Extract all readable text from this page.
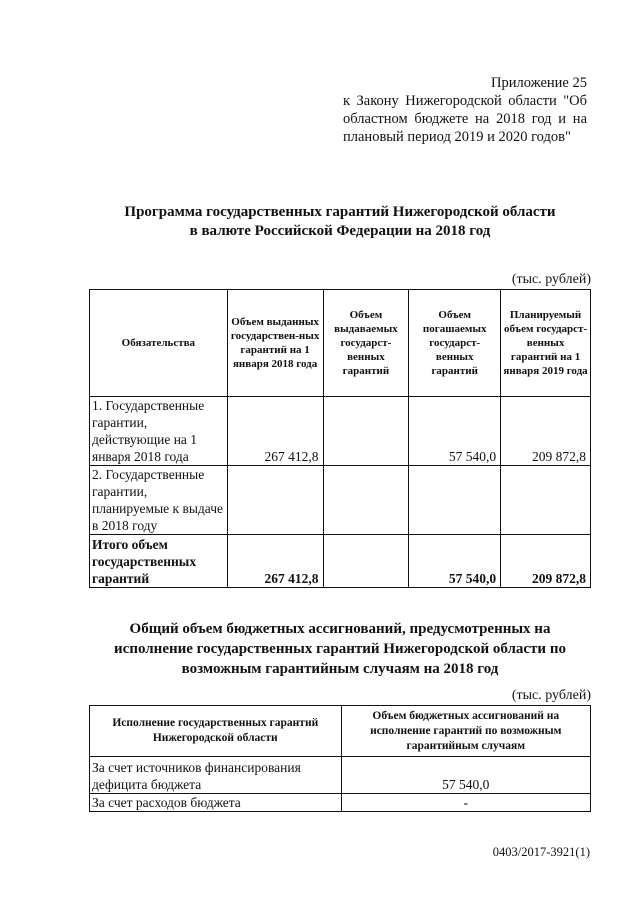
Приложение 25
к Закону Нижегородской области "Об областном бюджете на 2018 год и на плановый период 2019 и 2020 годов"
Программа государственных гарантий Нижегородской области
в валюте Российской Федерации на 2018 год
(тыс. рублей)
Обязательства	Объем выданных государствен-ных гарантий на 1 января 2018 года	Объем выдаваемых государст-венных гарантий	Объем погашаемых государст-венных гарантий	Планируемый объем государст-венных гарантий на 1 января 2019 года
1. Государственные гарантии, действующие на 1 января 2018 года	267 412,8		57 540,0	209 872,8
2. Государственные гарантии, планируемые к выдаче в 2018 году				
Итого объем государственных гарантий	267 412,8		57 540,0	209 872,8
Общий объем бюджетных ассигнований, предусмотренных на
исполнение государственных гарантий Нижегородской области по
возможным гарантийным случаям на 2018 год
(тыс. рублей)
Исполнение государственных гарантий Нижегородской области	Объем бюджетных ассигнований на исполнение гарантий по возможным гарантийным случаям
За счет источников финансирования дефицита бюджета	57 540,0
За счет расходов бюджета	-
0403/2017-3921(1)
